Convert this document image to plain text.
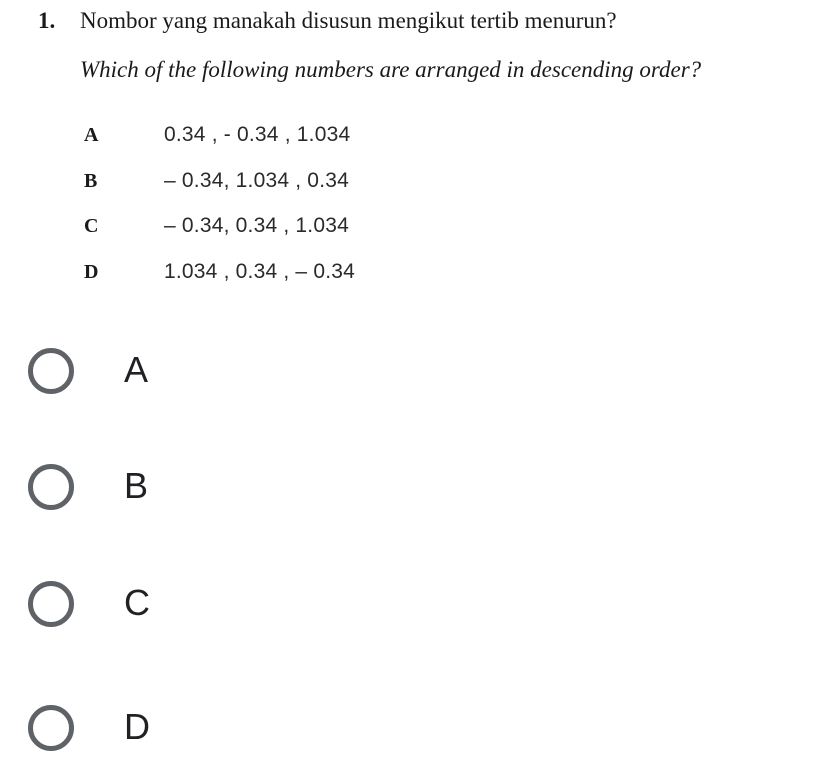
1. Nombor yang manakah disusun mengikut tertib menurun?
Which of the following numbers are arranged in descending order?
A	0.34 , - 0.34 , 1.034
B	– 0.34, 1.034 , 0.34
C	– 0.34, 0.34 , 1.034
D	1.034 , 0.34 , – 0.34
A
B
C
D
